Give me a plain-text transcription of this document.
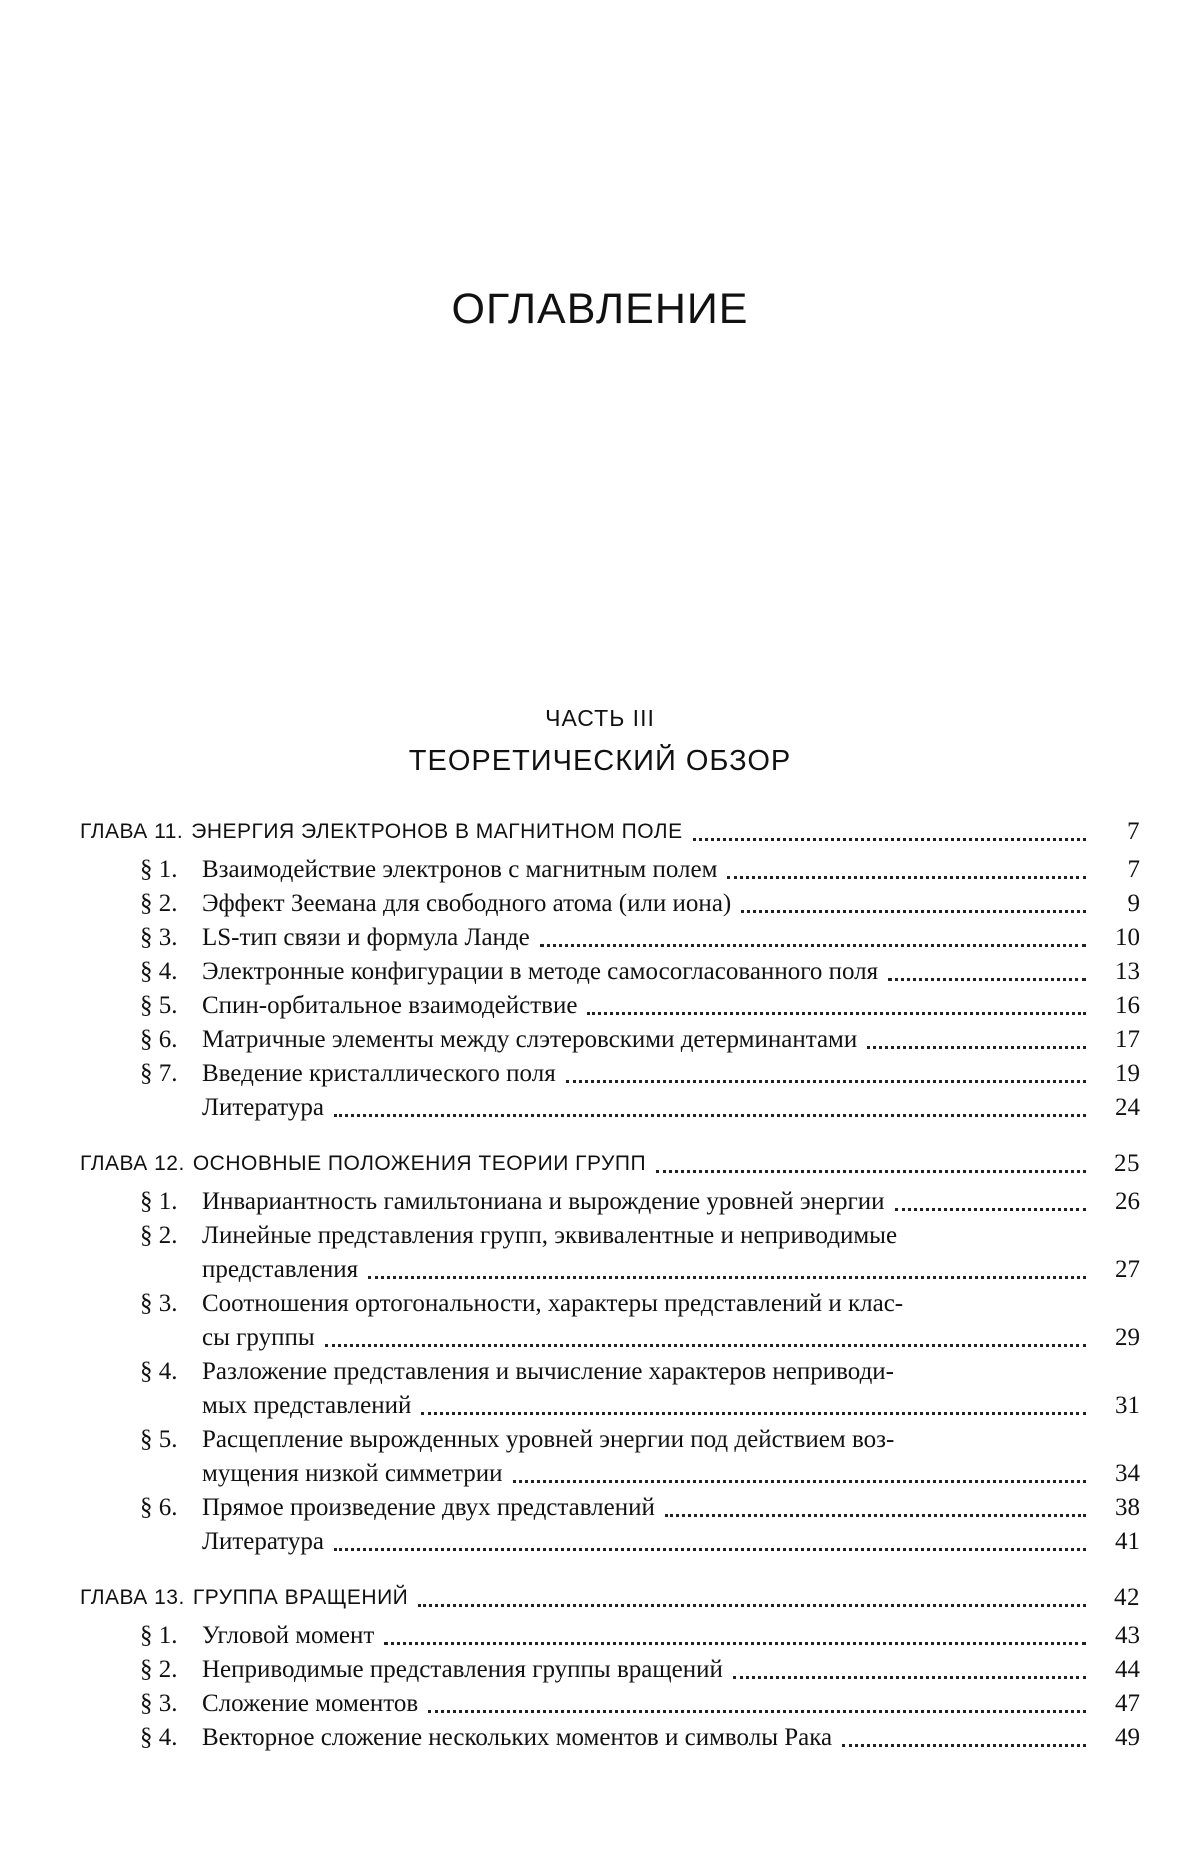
ОГЛАВЛЕНИЕ
ЧАСТЬ III
ТЕОРЕТИЧЕСКИЙ ОБЗОР
ГЛАВА 11. ЭНЕРГИЯ ЭЛЕКТРОНОВ В МАГНИТНОМ ПОЛЕ	7
§ 1. Взаимодействие электронов с магнитным полем	7
§ 2. Эффект Зеемана для свободного атома (или иона)	9
§ 3. LS-тип связи и формула Ланде	10
§ 4. Электронные конфигурации в методе самосогласованного поля	13
§ 5. Спин-орбитальное взаимодействие	16
§ 6. Матричные элементы между слэтеровскими детерминантами	17
§ 7. Введение кристаллического поля	19
Литература	24
ГЛАВА 12. ОСНОВНЫЕ ПОЛОЖЕНИЯ ТЕОРИИ ГРУПП	25
§ 1. Инвариантность гамильтониана и вырождение уровней энергии	26
§ 2. Линейные представления групп, эквивалентные и неприводимые
представления	27
§ 3. Соотношения ортогональности, характеры представлений и клас-
сы группы	29
§ 4. Разложение представления и вычисление характеров неприводи-
мых представлений	31
§ 5. Расщепление вырожденных уровней энергии под действием воз-
мущения низкой симметрии	34
§ 6. Прямое произведение двух представлений	38
Литература	41
ГЛАВА 13. ГРУППА ВРАЩЕНИЙ	42
§ 1. Угловой момент	43
§ 2. Неприводимые представления группы вращений	44
§ 3. Сложение моментов	47
§ 4. Векторное сложение нескольких моментов и символы Рака	49
